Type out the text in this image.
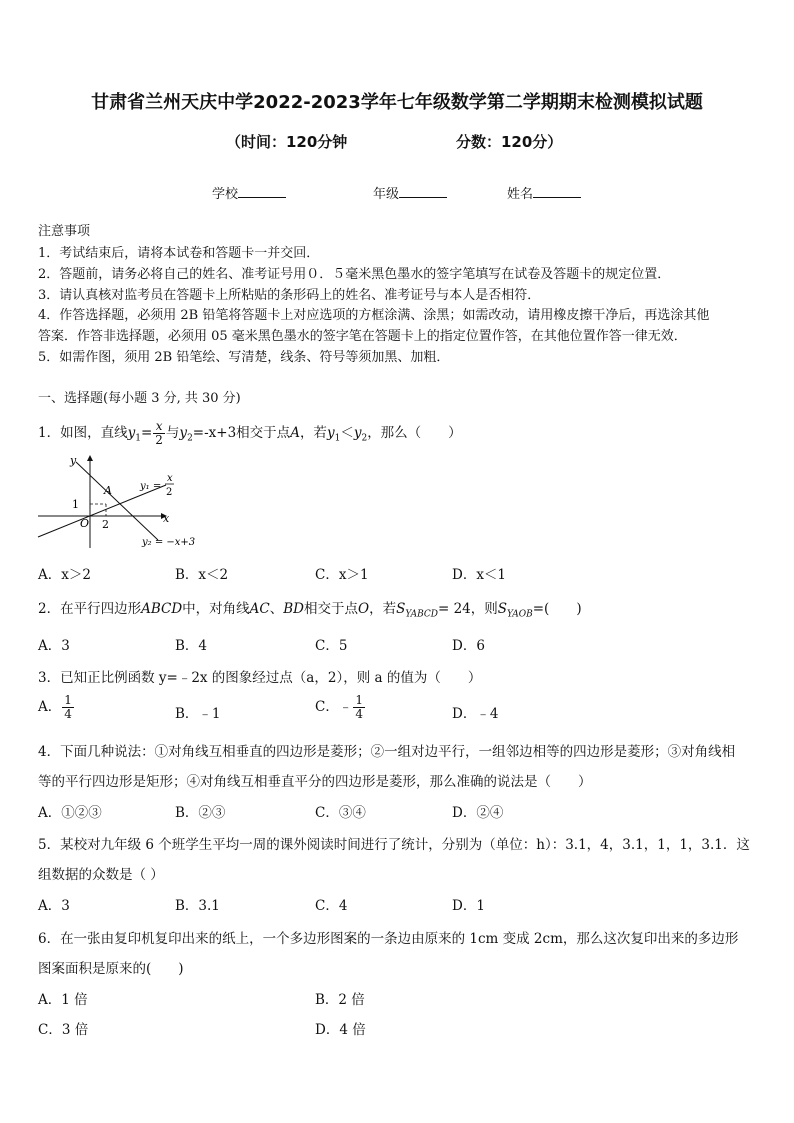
甘肃省兰州天庆中学2022-2023学年七年级数学第二学期期末检测模拟试题
（时间：120分钟	分数：120分）
学校	年级	姓名
注意事项
1．考试结束后，请将本试卷和答题卡一并交回．
2．答题前，请务必将自己的姓名、准考证号用０．５毫米黑色墨水的签字笔填写在试卷及答题卡的规定位置．
3．请认真核对监考员在答题卡上所粘贴的条形码上的姓名、准考证号与本人是否相符．
4．作答选择题，必须用 2B 铅笔将答题卡上对应选项的方框涂满、涂黑；如需改动，请用橡皮擦干净后，再选涂其他
答案．作答非选择题，必须用 05 毫米黑色墨水的签字笔在答题卡上的指定位置作答，在其他位置作答一律无效．
5．如需作图，须用 2B 铅笔绘、写清楚，线条、符号等须加黑、加粗．
一、选择题(每小题 3 分, 共 30 分)
1．如图，直线$y_1= \frac{x}{2}$ 与$y_2=-x+3$相交于点A，若$y_1<y_2$，那么（　　）
y
x
O
A
1
2
y₁ =
x
2
y₂ = −x+3
A．x＞2	B．x＜2	C．x＞1	D．x＜1
2．在平行四边形ABCD中，对角线AC、BD相交于点O，若$S_{YABCD}= 24$，则$S_{YAOB}=$(　　)
A．3	B．4	C．5	D．6
3．已知正比例函数 y=﹣2x 的图象经过点（a，2），则 a 的值为（　　）
A． $\frac{1}{4}$	B．﹣1	C．﹣ $\frac{1}{4}$	D．﹣4
4．下面几种说法：①对角线互相垂直的四边形是菱形；②一组对边平行，一组邻边相等的四边形是菱形；③对角线相
等的平行四边形是矩形；④对角线互相垂直平分的四边形是菱形，那么准确的说法是（　　）
A．①②③	B．②③	C．③④	D．②④
5．某校对九年级 6 个班学生平均一周的课外阅读时间进行了统计，分别为（单位：h）：3.1，4，3.1，1，1，3.1．这
组数据的众数是（ ）
A．3	B．3.1	C．4	D．1
6．在一张由复印机复印出来的纸上，一个多边形图案的一条边由原来的 1cm 变成 2cm，那么这次复印出来的多边形
图案面积是原来的(　　)
A．1 倍	B．2 倍
C．3 倍	D．4 倍
